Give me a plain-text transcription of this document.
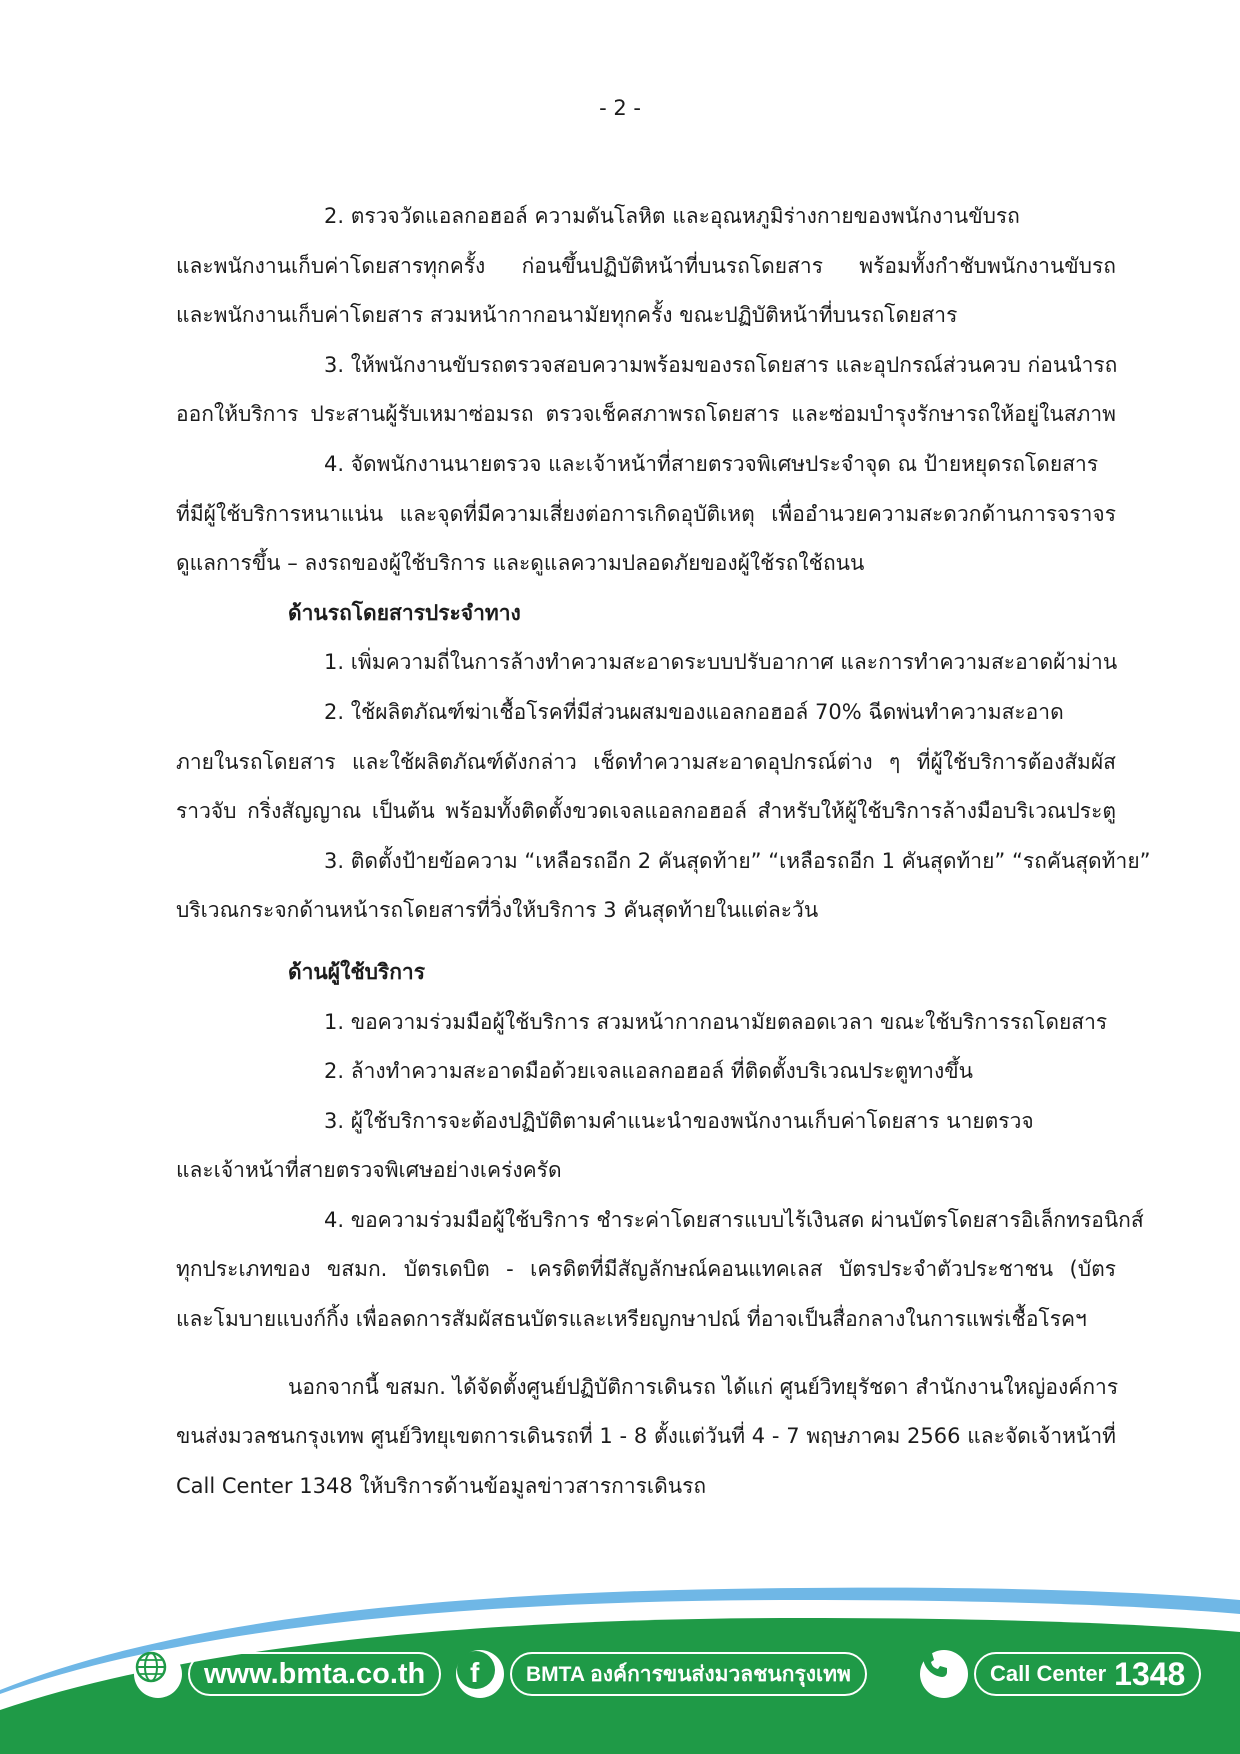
- 2 -
2. ตรวจวัดแอลกอฮอล์ ความดันโลหิต และอุณหภูมิร่างกายของพนักงานขับรถ
และพนักงานเก็บค่าโดยสารทุกครั้ง ก่อนขึ้นปฏิบัติหน้าที่บนรถโดยสาร พร้อมทั้งกำชับพนักงานขับรถ
และพนักงานเก็บค่าโดยสาร สวมหน้ากากอนามัยทุกครั้ง ขณะปฏิบัติหน้าที่บนรถโดยสาร
3. ให้พนักงานขับรถตรวจสอบความพร้อมของรถโดยสาร และอุปกรณ์ส่วนควบ ก่อนนำรถ
ออกให้บริการ ประสานผู้รับเหมาซ่อมรถ ตรวจเช็คสภาพรถโดยสาร และซ่อมบำรุงรักษารถให้อยู่ในสภาพ
4. จัดพนักงานนายตรวจ และเจ้าหน้าที่สายตรวจพิเศษประจำจุด ณ ป้ายหยุดรถโดยสาร
ที่มีผู้ใช้บริการหนาแน่น และจุดที่มีความเสี่ยงต่อการเกิดอุบัติเหตุ เพื่ออำนวยความสะดวกด้านการจราจร
ดูแลการขึ้น – ลงรถของผู้ใช้บริการ และดูแลความปลอดภัยของผู้ใช้รถใช้ถนน
ด้านรถโดยสารประจำทาง
1. เพิ่มความถี่ในการล้างทำความสะอาดระบบปรับอากาศ และการทำความสะอาดผ้าม่าน
2. ใช้ผลิตภัณฑ์ฆ่าเชื้อโรคที่มีส่วนผสมของแอลกอฮอล์ 70% ฉีดพ่นทำความสะอาด
ภายในรถโดยสาร และใช้ผลิตภัณฑ์ดังกล่าว เช็ดทำความสะอาดอุปกรณ์ต่าง ๆ ที่ผู้ใช้บริการต้องสัมผัส
ราวจับ กริ่งสัญญาณ เป็นต้น พร้อมทั้งติดตั้งขวดเจลแอลกอฮอล์ สำหรับให้ผู้ใช้บริการล้างมือบริเวณประตู
3. ติดตั้งป้ายข้อความ “เหลือรถอีก 2 คันสุดท้าย” “เหลือรถอีก 1 คันสุดท้าย” “รถคันสุดท้าย”
บริเวณกระจกด้านหน้ารถโดยสารที่วิ่งให้บริการ 3 คันสุดท้ายในแต่ละวัน
ด้านผู้ใช้บริการ
1. ขอความร่วมมือผู้ใช้บริการ สวมหน้ากากอนามัยตลอดเวลา ขณะใช้บริการรถโดยสาร
2. ล้างทำความสะอาดมือด้วยเจลแอลกอฮอล์ ที่ติดตั้งบริเวณประตูทางขึ้น
3. ผู้ใช้บริการจะต้องปฏิบัติตามคำแนะนำของพนักงานเก็บค่าโดยสาร นายตรวจ
และเจ้าหน้าที่สายตรวจพิเศษอย่างเคร่งครัด
4. ขอความร่วมมือผู้ใช้บริการ ชำระค่าโดยสารแบบไร้เงินสด ผ่านบัตรโดยสารอิเล็กทรอนิกส์
ทุกประเภทของ ขสมก. บัตรเดบิต - เครดิตที่มีสัญลักษณ์คอนแทคเลส บัตรประจำตัวประชาชน (บัตร
และโมบายแบงก์กิ้ง เพื่อลดการสัมผัสธนบัตรและเหรียญกษาปณ์ ที่อาจเป็นสื่อกลางในการแพร่เชื้อโรคฯ
นอกจากนี้ ขสมก. ได้จัดตั้งศูนย์ปฏิบัติการเดินรถ ได้แก่ ศูนย์วิทยุรัชดา สำนักงานใหญ่องค์การ
ขนส่งมวลชนกรุงเทพ ศูนย์วิทยุเขตการเดินรถที่ 1 - 8 ตั้งแต่วันที่ 4 - 7 พฤษภาคม 2566 และจัดเจ้าหน้าที่
Call Center 1348 ให้บริการด้านข้อมูลข่าวสารการเดินรถ
www.bmta.co.th	f	BMTA องค์การขนส่งมวลชนกรุงเทพ	Call Center 1348
